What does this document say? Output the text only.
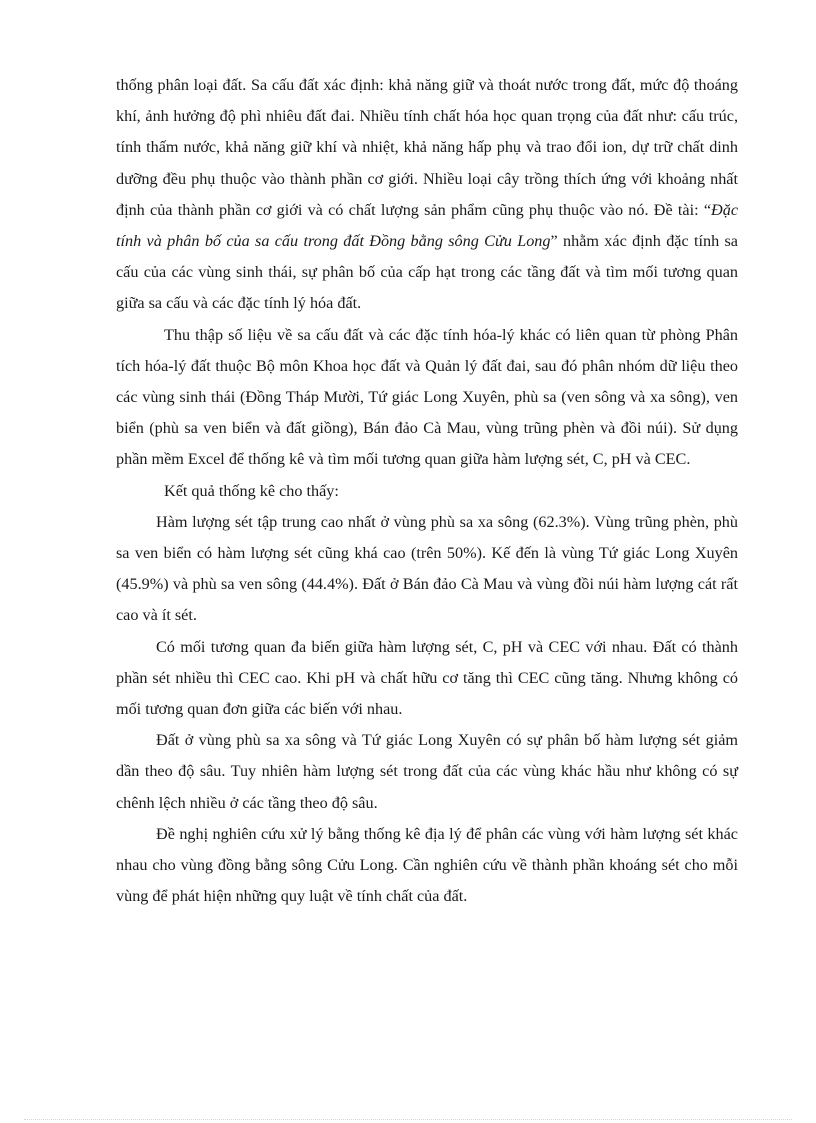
thống phân loại đất. Sa cấu đất xác định: khả năng giữ và thoát nước trong đất, mức độ thoáng khí, ảnh hưởng độ phì nhiêu đất đai. Nhiều tính chất hóa học quan trọng của đất như: cấu trúc, tính thấm nước, khả năng giữ khí và nhiệt, khả năng hấp phụ và trao đổi ion, dự trữ chất dinh dưỡng đều phụ thuộc vào thành phần cơ giới. Nhiều loại cây trồng thích ứng với khoảng nhất định của thành phần cơ giới và có chất lượng sản phẩm cũng phụ thuộc vào nó. Đề tài: “Đặc tính và phân bố của sa cấu trong đất Đồng bằng sông Cửu Long” nhằm xác định đặc tính sa cấu của các vùng sinh thái, sự phân bố của cấp hạt trong các tầng đất và tìm mối tương quan giữa sa cấu và các đặc tính lý hóa đất.

Thu thập số liệu về sa cấu đất và các đặc tính hóa-lý khác có liên quan từ phòng Phân tích hóa-lý đất thuộc Bộ môn Khoa học đất và Quản lý đất đai, sau đó phân nhóm dữ liệu theo các vùng sinh thái (Đồng Tháp Mười, Tứ giác Long Xuyên, phù sa (ven sông và xa sông), ven biển (phù sa ven biển và đất giồng), Bán đảo Cà Mau, vùng trũng phèn và đồi núi). Sử dụng phần mềm Excel để thống kê và tìm mối tương quan giữa hàm lượng sét, C, pH và CEC.

Kết quả thống kê cho thấy:

Hàm lượng sét tập trung cao nhất ở vùng phù sa xa sông (62.3%). Vùng trũng phèn, phù sa ven biển có hàm lượng sét cũng khá cao (trên 50%). Kế đến là vùng Tứ giác Long Xuyên (45.9%) và phù sa ven sông (44.4%). Đất ở Bán đảo Cà Mau và vùng đồi núi hàm lượng cát rất cao và ít sét.

Có mối tương quan đa biến giữa hàm lượng sét, C, pH và CEC với nhau. Đất có thành phần sét nhiều thì CEC cao. Khi pH và chất hữu cơ tăng thì CEC cũng tăng. Nhưng không có mối tương quan đơn giữa các biến với nhau.

Đất ở vùng phù sa xa sông và Tứ giác Long Xuyên có sự phân bố hàm lượng sét giảm dần theo độ sâu. Tuy nhiên hàm lượng sét trong đất của các vùng khác hầu như không có sự chênh lệch nhiều ở các tầng theo độ sâu.

Đề nghị nghiên cứu xử lý bằng thống kê địa lý để phân các vùng với hàm lượng sét khác nhau cho vùng đồng bằng sông Cửu Long. Cần nghiên cứu về thành phần khoáng sét cho mỗi vùng để phát hiện những quy luật về tính chất của đất.
